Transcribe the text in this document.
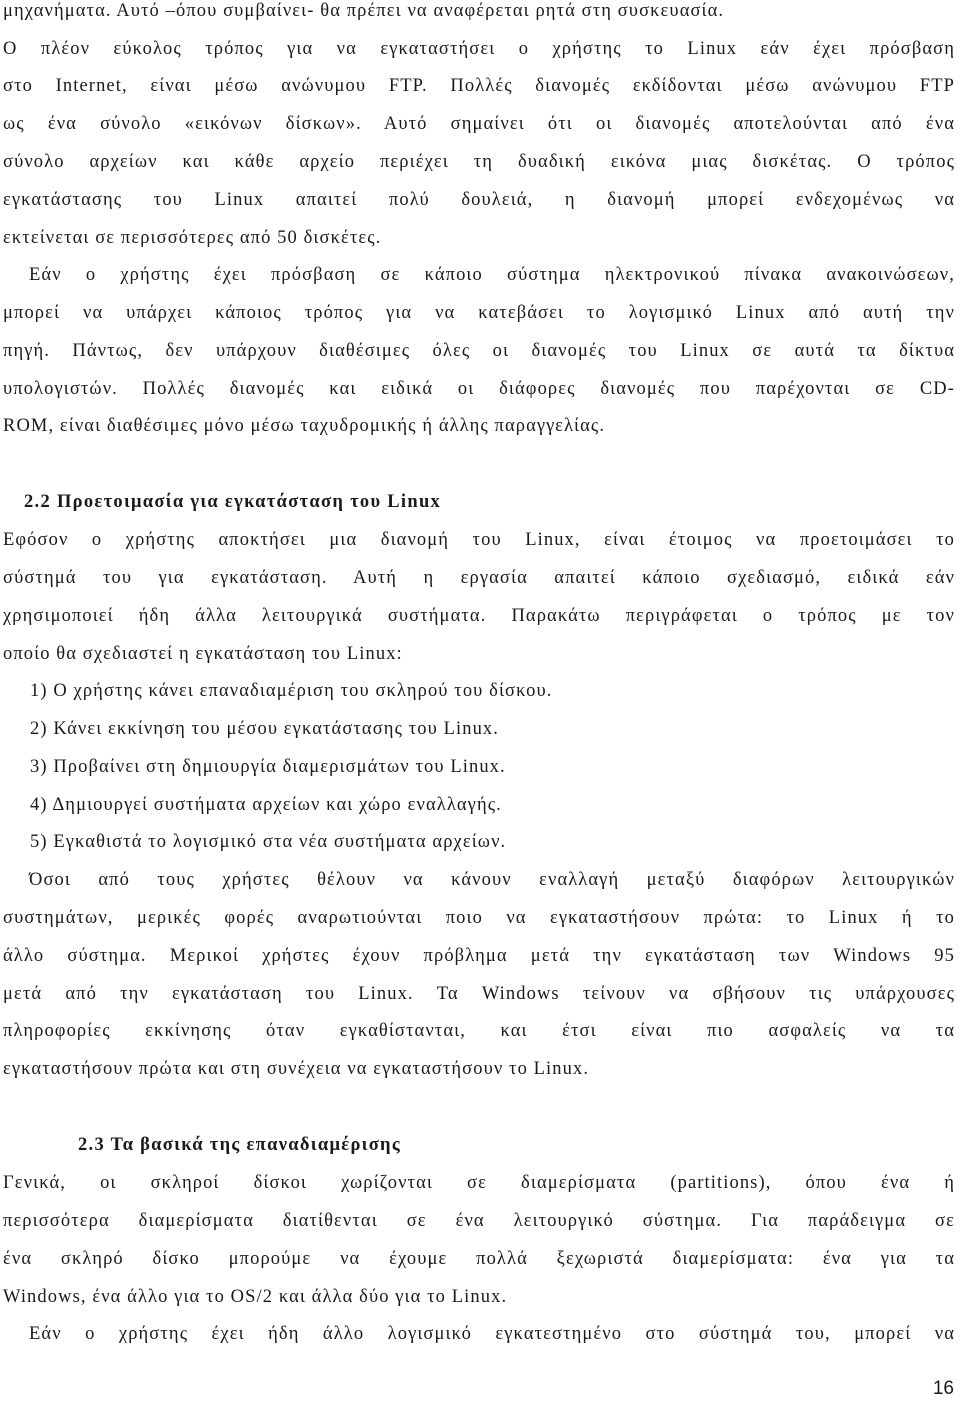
μηχανήματα. Αυτό –όπου συμβαίνει- θα πρέπει να αναφέρεται ρητά στη συσκευασία.
Ο πλέον εύκολος τρόπος για να εγκαταστήσει ο χρήστης το Linux εάν έχει πρόσβαση
στο Internet, είναι μέσω ανώνυμου FTP. Πολλές διανομές εκδίδονται μέσω ανώνυμου FTP
ως ένα σύνολο «εικόνων δίσκων». Αυτό σημαίνει ότι οι διανομές αποτελούνται από ένα
σύνολο αρχείων και κάθε αρχείο περιέχει τη δυαδική εικόνα μιας δισκέτας. Ο τρόπος
εγκατάστασης του Linux απαιτεί πολύ δουλειά, η διανομή μπορεί ενδεχομένως να
εκτείνεται σε περισσότερες από 50 δισκέτες.
Εάν ο χρήστης έχει πρόσβαση σε κάποιο σύστημα ηλεκτρονικού πίνακα ανακοινώσεων,
μπορεί να υπάρχει κάποιος τρόπος για να κατεβάσει το λογισμικό Linux από αυτή την
πηγή. Πάντως, δεν υπάρχουν διαθέσιμες όλες οι διανομές του Linux σε αυτά τα δίκτυα
υπολογιστών. Πολλές διανομές και ειδικά οι διάφορες διανομές που παρέχονται σε CD-
ROM, είναι διαθέσιμες μόνο μέσω ταχυδρομικής ή άλλης παραγγελίας.
2.2 Προετοιμασία για εγκατάσταση του Linux
Εφόσον ο χρήστης αποκτήσει μια διανομή του Linux, είναι έτοιμος να προετοιμάσει το
σύστημά του για εγκατάσταση. Αυτή η εργασία απαιτεί κάποιο σχεδιασμό, ειδικά εάν
χρησιμοποιεί ήδη άλλα λειτουργικά συστήματα. Παρακάτω περιγράφεται ο τρόπος με τον
οποίο θα σχεδιαστεί η εγκατάσταση του Linux:
1) Ο χρήστης κάνει επαναδιαμέριση του σκληρού του δίσκου.
2) Κάνει εκκίνηση του μέσου εγκατάστασης του Linux.
3) Προβαίνει στη δημιουργία διαμερισμάτων του Linux.
4) Δημιουργεί συστήματα αρχείων και χώρο εναλλαγής.
5) Εγκαθιστά το λογισμικό στα νέα συστήματα αρχείων.
Όσοι από τους χρήστες θέλουν να κάνουν εναλλαγή μεταξύ διαφόρων λειτουργικών
συστημάτων, μερικές φορές αναρωτιούνται ποιο να εγκαταστήσουν πρώτα: το Linux ή το
άλλο σύστημα. Μερικοί χρήστες έχουν πρόβλημα μετά την εγκατάσταση των Windows 95
μετά από την εγκατάσταση του Linux. Τα Windows τείνουν να σβήσουν τις υπάρχουσες
πληροφορίες εκκίνησης όταν εγκαθίστανται, και έτσι είναι πιο ασφαλείς να τα
εγκαταστήσουν πρώτα και στη συνέχεια να εγκαταστήσουν το Linux.
2.3 Τα βασικά της επαναδιαμέρισης
Γενικά, οι σκληροί δίσκοι χωρίζονται σε διαμερίσματα (partitions), όπου ένα ή
περισσότερα διαμερίσματα διατίθενται σε ένα λειτουργικό σύστημα. Για παράδειγμα σε
ένα σκληρό δίσκο μπορούμε να έχουμε πολλά ξεχωριστά διαμερίσματα: ένα για τα
Windows, ένα άλλο για το OS/2 και άλλα δύο για το Linux.
Εάν ο χρήστης έχει ήδη άλλο λογισμικό εγκατεστημένο στο σύστημά του, μπορεί να
16
